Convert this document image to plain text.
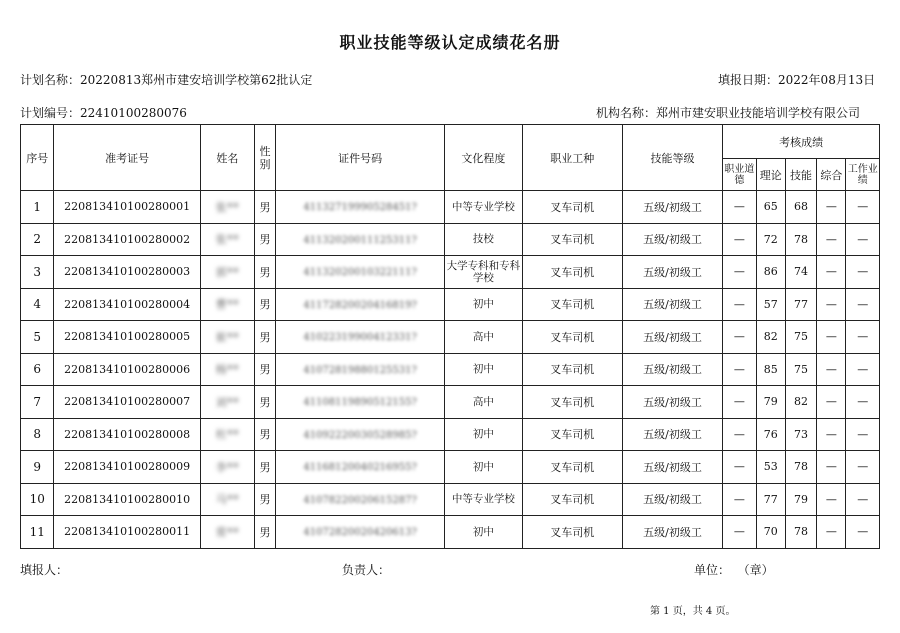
职业技能等级认定成绩花名册
计划名称：20220813郑州市建安培训学校第62批认定	填报日期：2022年08月13日
计划编号：22410100280076	机构名称：郑州市建安职业技能培训学校有限公司
序号	准考证号	姓名	性别	证件号码	文化程度	职业工种	技能等级	考核成绩				
								职业道德	理论	技能	综合	工作业绩
1	220813410100280001	张**	男	41132719990528451?	中等专业学校	叉车司机	五级/初级工	—	65	68	—	—
2	220813410100280002	张**	男	41132020011125311?	技校	叉车司机	五级/初级工	—	72	78	—	—
3	220813410100280003	郭**	男	41132020010322111?	大学专科和专科学校	叉车司机	五级/初级工	—	86	74	—	—
4	220813410100280004	曹**	男	41172820020416819?	初中	叉车司机	五级/初级工	—	57	77	—	—
5	220813410100280005	崔**	男	41022319900412331?	高中	叉车司机	五级/初级工	—	82	75	—	—
6	220813410100280006	杨**	男	41072819880125531?	初中	叉车司机	五级/初级工	—	85	75	—	—
7	220813410100280007	刘**	男	41108119890512155?	高中	叉车司机	五级/初级工	—	79	82	—	—
8	220813410100280008	杜**	男	41092220030528985?	初中	叉车司机	五级/初级工	—	76	73	—	—
9	220813410100280009	李**	男	41168120040216955?	初中	叉车司机	五级/初级工	—	53	78	—	—
10	220813410100280010	马**	男	41078220020615287?	中等专业学校	叉车司机	五级/初级工	—	77	79	—	—
11	220813410100280011	常**	男	41072820020420613?	初中	叉车司机	五级/初级工	—	70	78	—	—
填报人：	负责人：	单位： （章）
第 1 页，共 4 页。
